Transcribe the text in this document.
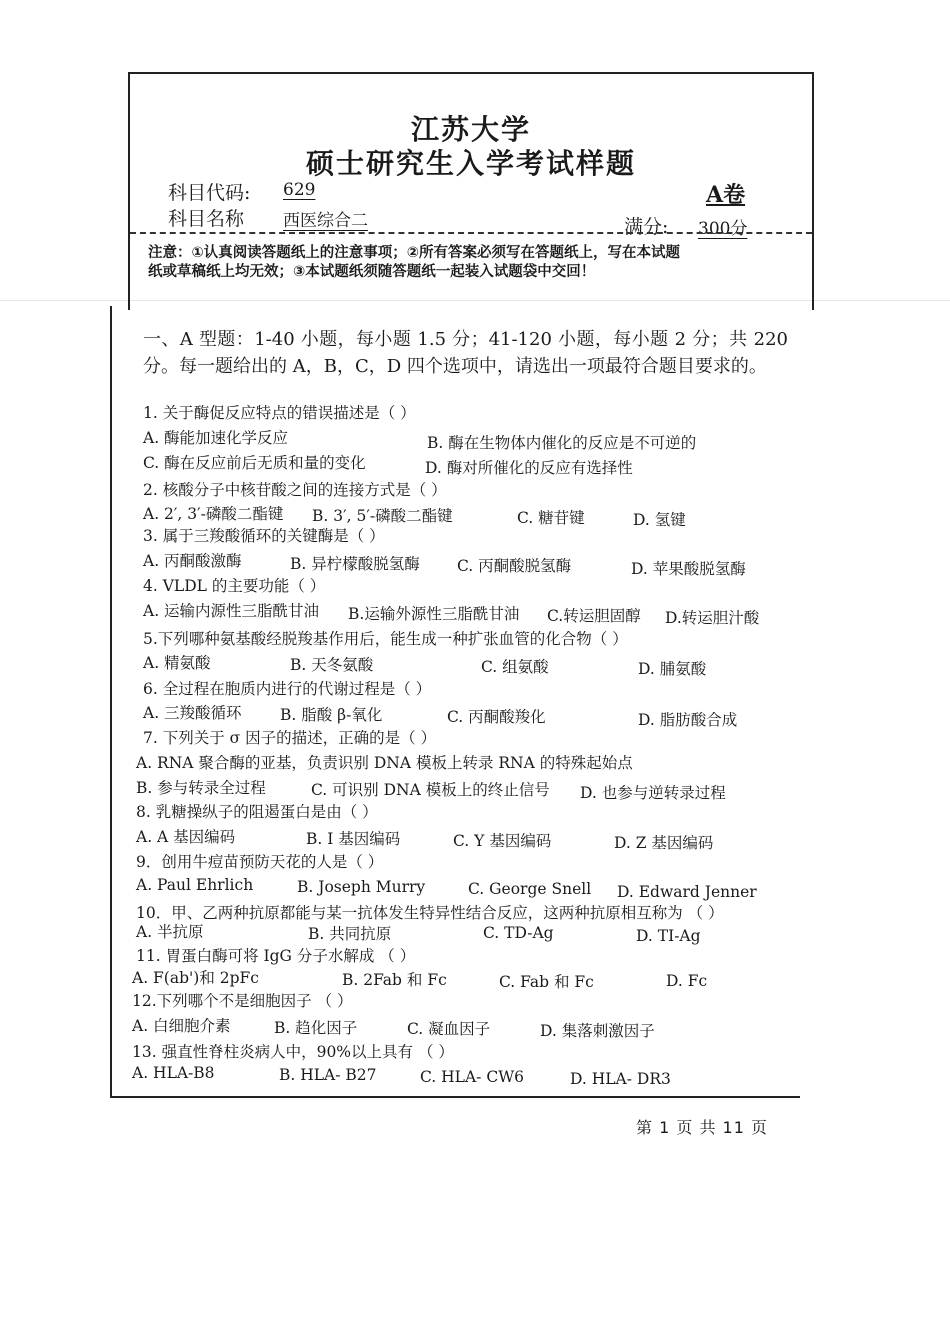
江苏大学
硕士研究生入学考试样题
科目代码: 629	A卷
科目名称 西医综合二	满分: 300分
注意：①认真阅读答题纸上的注意事项；②所有答案必须写在答题纸上，写在本试题
纸或草稿纸上均无效；③本试题纸须随答题纸一起装入试题袋中交回！
一、A 型题：1-40 小题，每小题 1.5 分；41-120 小题，每小题 2 分；共 220 分。每一题给出的 A，B，C，D 四个选项中，请选出一项最符合题目要求的。
1. 关于酶促反应特点的错误描述是（ ）
A. 酶能加速化学反应	B. 酶在生物体内催化的反应是不可逆的
C. 酶在反应前后无质和量的变化	D. 酶对所催化的反应有选择性
2. 核酸分子中核苷酸之间的连接方式是（ ）
A. 2′, 3′-磷酸二酯键 B. 3′, 5′-磷酸二酯键	C. 糖苷键	D. 氢键
3. 属于三羧酸循环的关键酶是（ ）
A. 丙酮酸激酶	B. 异柠檬酸脱氢酶 C. 丙酮酸脱氢酶	D. 苹果酸脱氢酶
4. VLDL 的主要功能（ ）
A. 运输内源性三脂酰甘油 B.运输外源性三脂酰甘油 C.转运胆固醇 D.转运胆汁酸
5.下列哪种氨基酸经脱羧基作用后，能生成一种扩张血管的化合物（ ）
A. 精氨酸	B. 天冬氨酸	C. 组氨酸	D. 脯氨酸
6. 全过程在胞质内进行的代谢过程是（ ）
A. 三羧酸循环 B. 脂酸 β-氧化	C. 丙酮酸羧化	D. 脂肪酸合成
7. 下列关于 σ 因子的描述，正确的是（ ）
A. RNA 聚合酶的亚基，负责识别 DNA 模板上转录 RNA 的特殊起始点
B. 参与转录全过程	C. 可识别 DNA 模板上的终止信号 D. 也参与逆转录过程
8. 乳糖操纵子的阻遏蛋白是由（ ）
A. A 基因编码	B. I 基因编码	C. Y 基因编码	D. Z 基因编码
9．创用牛痘苗预防天花的人是（ ）
A. Paul Ehrlich	B. Joseph Murry	C. George Snell D. Edward Jenner
10．甲、乙两种抗原都能与某一抗体发生特异性结合反应，这两种抗原相互称为 （ ）
A. 半抗原	B. 共同抗原	C. TD-Ag	D. TI-Ag
11. 胃蛋白酶可将 IgG 分子水解成 （ ）
A. F(ab')和 2pFc	B. 2Fab 和 Fc	C. Fab 和 Fc	D. Fc
12.下列哪个不是细胞因子 （ ）
A. 白细胞介素	B. 趋化因子	C. 凝血因子	D. 集落刺激因子
13. 强直性脊柱炎病人中，90%以上具有 （ ）
A. HLA-B8	B. HLA- B27	C. HLA- CW6	D. HLA- DR3
第 1 页 共 11 页
